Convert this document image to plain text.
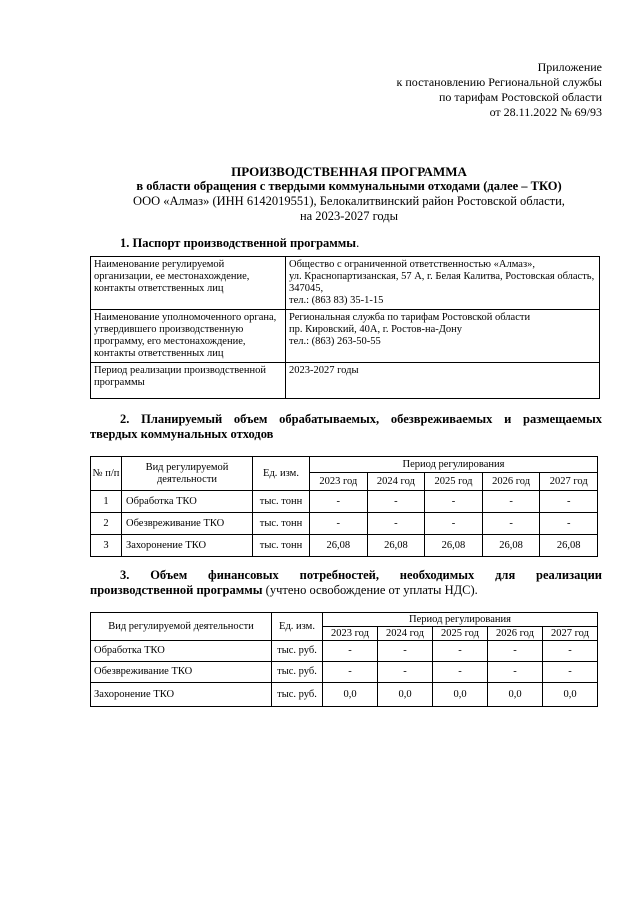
Приложение
к постановлению Региональной службы
по тарифам Ростовской области
от 28.11.2022 № 69/93
ПРОИЗВОДСТВЕННАЯ ПРОГРАММА
в области обращения с твердыми коммунальными отходами (далее – ТКО)
ООО «Алмаз» (ИНН 6142019551), Белокалитвинский район Ростовской области,
на 2023-2027 годы
1. Паспорт производственной программы.
Наименование регулируемой организации, ее местонахождение, контакты ответственных лиц	Общество с ограниченной ответственностью «Алмаз»,
ул. Краснопартизанская, 57 А, г. Белая Калитва, Ростовская область, 347045,
тел.: (863 83) 35-1-15

Наименование уполномоченного органа, утвердившего производственную программу, его местонахождение, контакты ответственных лиц	Региональная служба по тарифам Ростовской области
пр. Кировский, 40А, г. Ростов-на-Дону
тел.: (863) 263-50-55

Период реализации производственной программы	2023-2027 годы
2. Планируемый объем обрабатываемых, обезвреживаемых и размещаемых
твердых коммунальных отходов
№ п/п	Вид регулируемой деятельности	Ед. изм.	Период регулирования				
			2023 год	2024 год	2025 год	2026 год	2027 год
1	Обработка ТКО	тыс. тонн	-	-	-	-	-
2	Обезвреживание ТКО	тыс. тонн	-	-	-	-	-
3	Захоронение ТКО	тыс. тонн	26,08	26,08	26,08	26,08	26,08
3. Объем финансовых потребностей, необходимых для реализации
производственной программы (учтено освобождение от уплаты НДС).
Вид регулируемой деятельности	Ед. изм.	Период регулирования				
		2023 год	2024 год	2025 год	2026 год	2027 год
Обработка ТКО	тыс. руб.	-	-	-	-	-
Обезвреживание ТКО	тыс. руб.	-	-	-	-	-
Захоронение ТКО	тыс. руб.	0,0	0,0	0,0	0,0	0,0
